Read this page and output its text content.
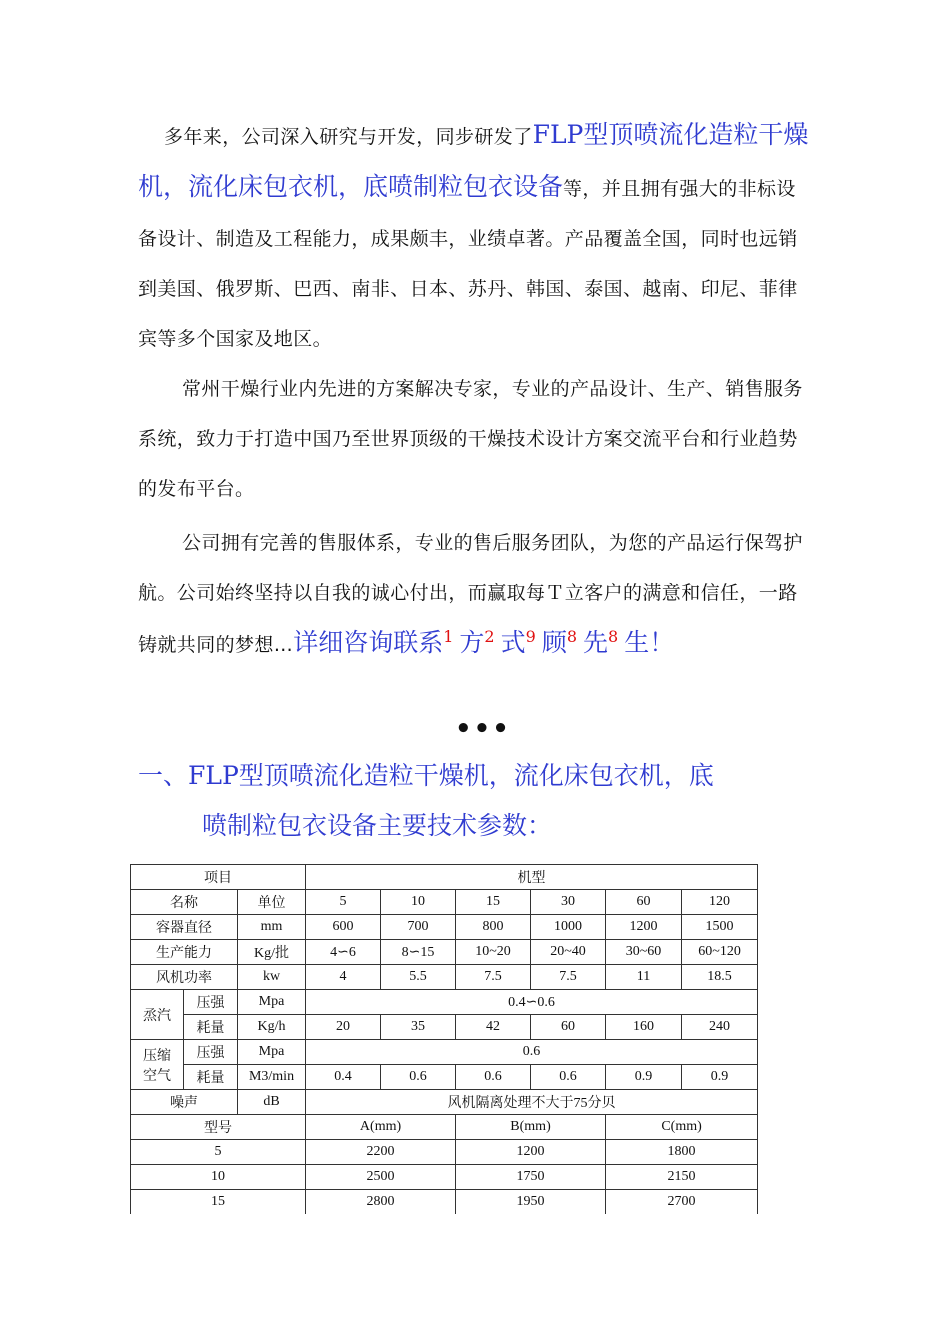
多年来，公司深入研究与开发，同步研发了FLP型顶喷流化造粒干燥机，流化床包衣机，底喷制粒包衣设备等，并且拥有强大的非标设备设计、制造及工程能力，成果颇丰，业绩卓著。产品覆盖全国，同时也远销到美国、俄罗斯、巴西、南非、日本、苏丹、韩国、泰国、越南、印尼、菲律宾等多个国家及地区。
常州干燥行业内先进的方案解决专家，专业的产品设计、生产、销售服务系统，致力于打造中国乃至世界顶级的干燥技术设计方案交流平台和行业趋势的发布平台。
公司拥有完善的售服体系，专业的售后服务团队，为您的产品运行保驾护航。公司始终坚持以自我的诚心付出，而赢取每Ｔ立客户的满意和信任，一路铸就共同的梦想…详细咨询联系$^1$ 方$^2$ 式$^9$ 顾$^8$ 先$^8$ 生！
•••
一、FLP型顶喷流化造粒干燥机，流化床包衣机，底
喷制粒包衣设备主要技术参数：
项目			机型					
名称		单位	5	10	15	30	60	120
容器直径		mm	600	700	800	1000	1200	1500
生产能力		Kg/批	4∽6	8∽15	10~20	20~40	30~60	60~120
风机功率		kw	4	5.5	7.5	7.5	11	18.5
烝汽	压强	Mpa	0.4∽0.6					
	耗量	Kg/h	20	35	42	60	160	240
压缩
空气	压强	Mpa	0.6					
	耗量	M3/min	0.4	0.6	0.6	0.6	0.9	0.9
噪声		dB	风机隔离处理不大于75分贝					
型号			A(mm)		B(mm)		C(mm)	
5			2200		1200		1800	
10			2500		1750		2150	
15			2800		1950		2700	
